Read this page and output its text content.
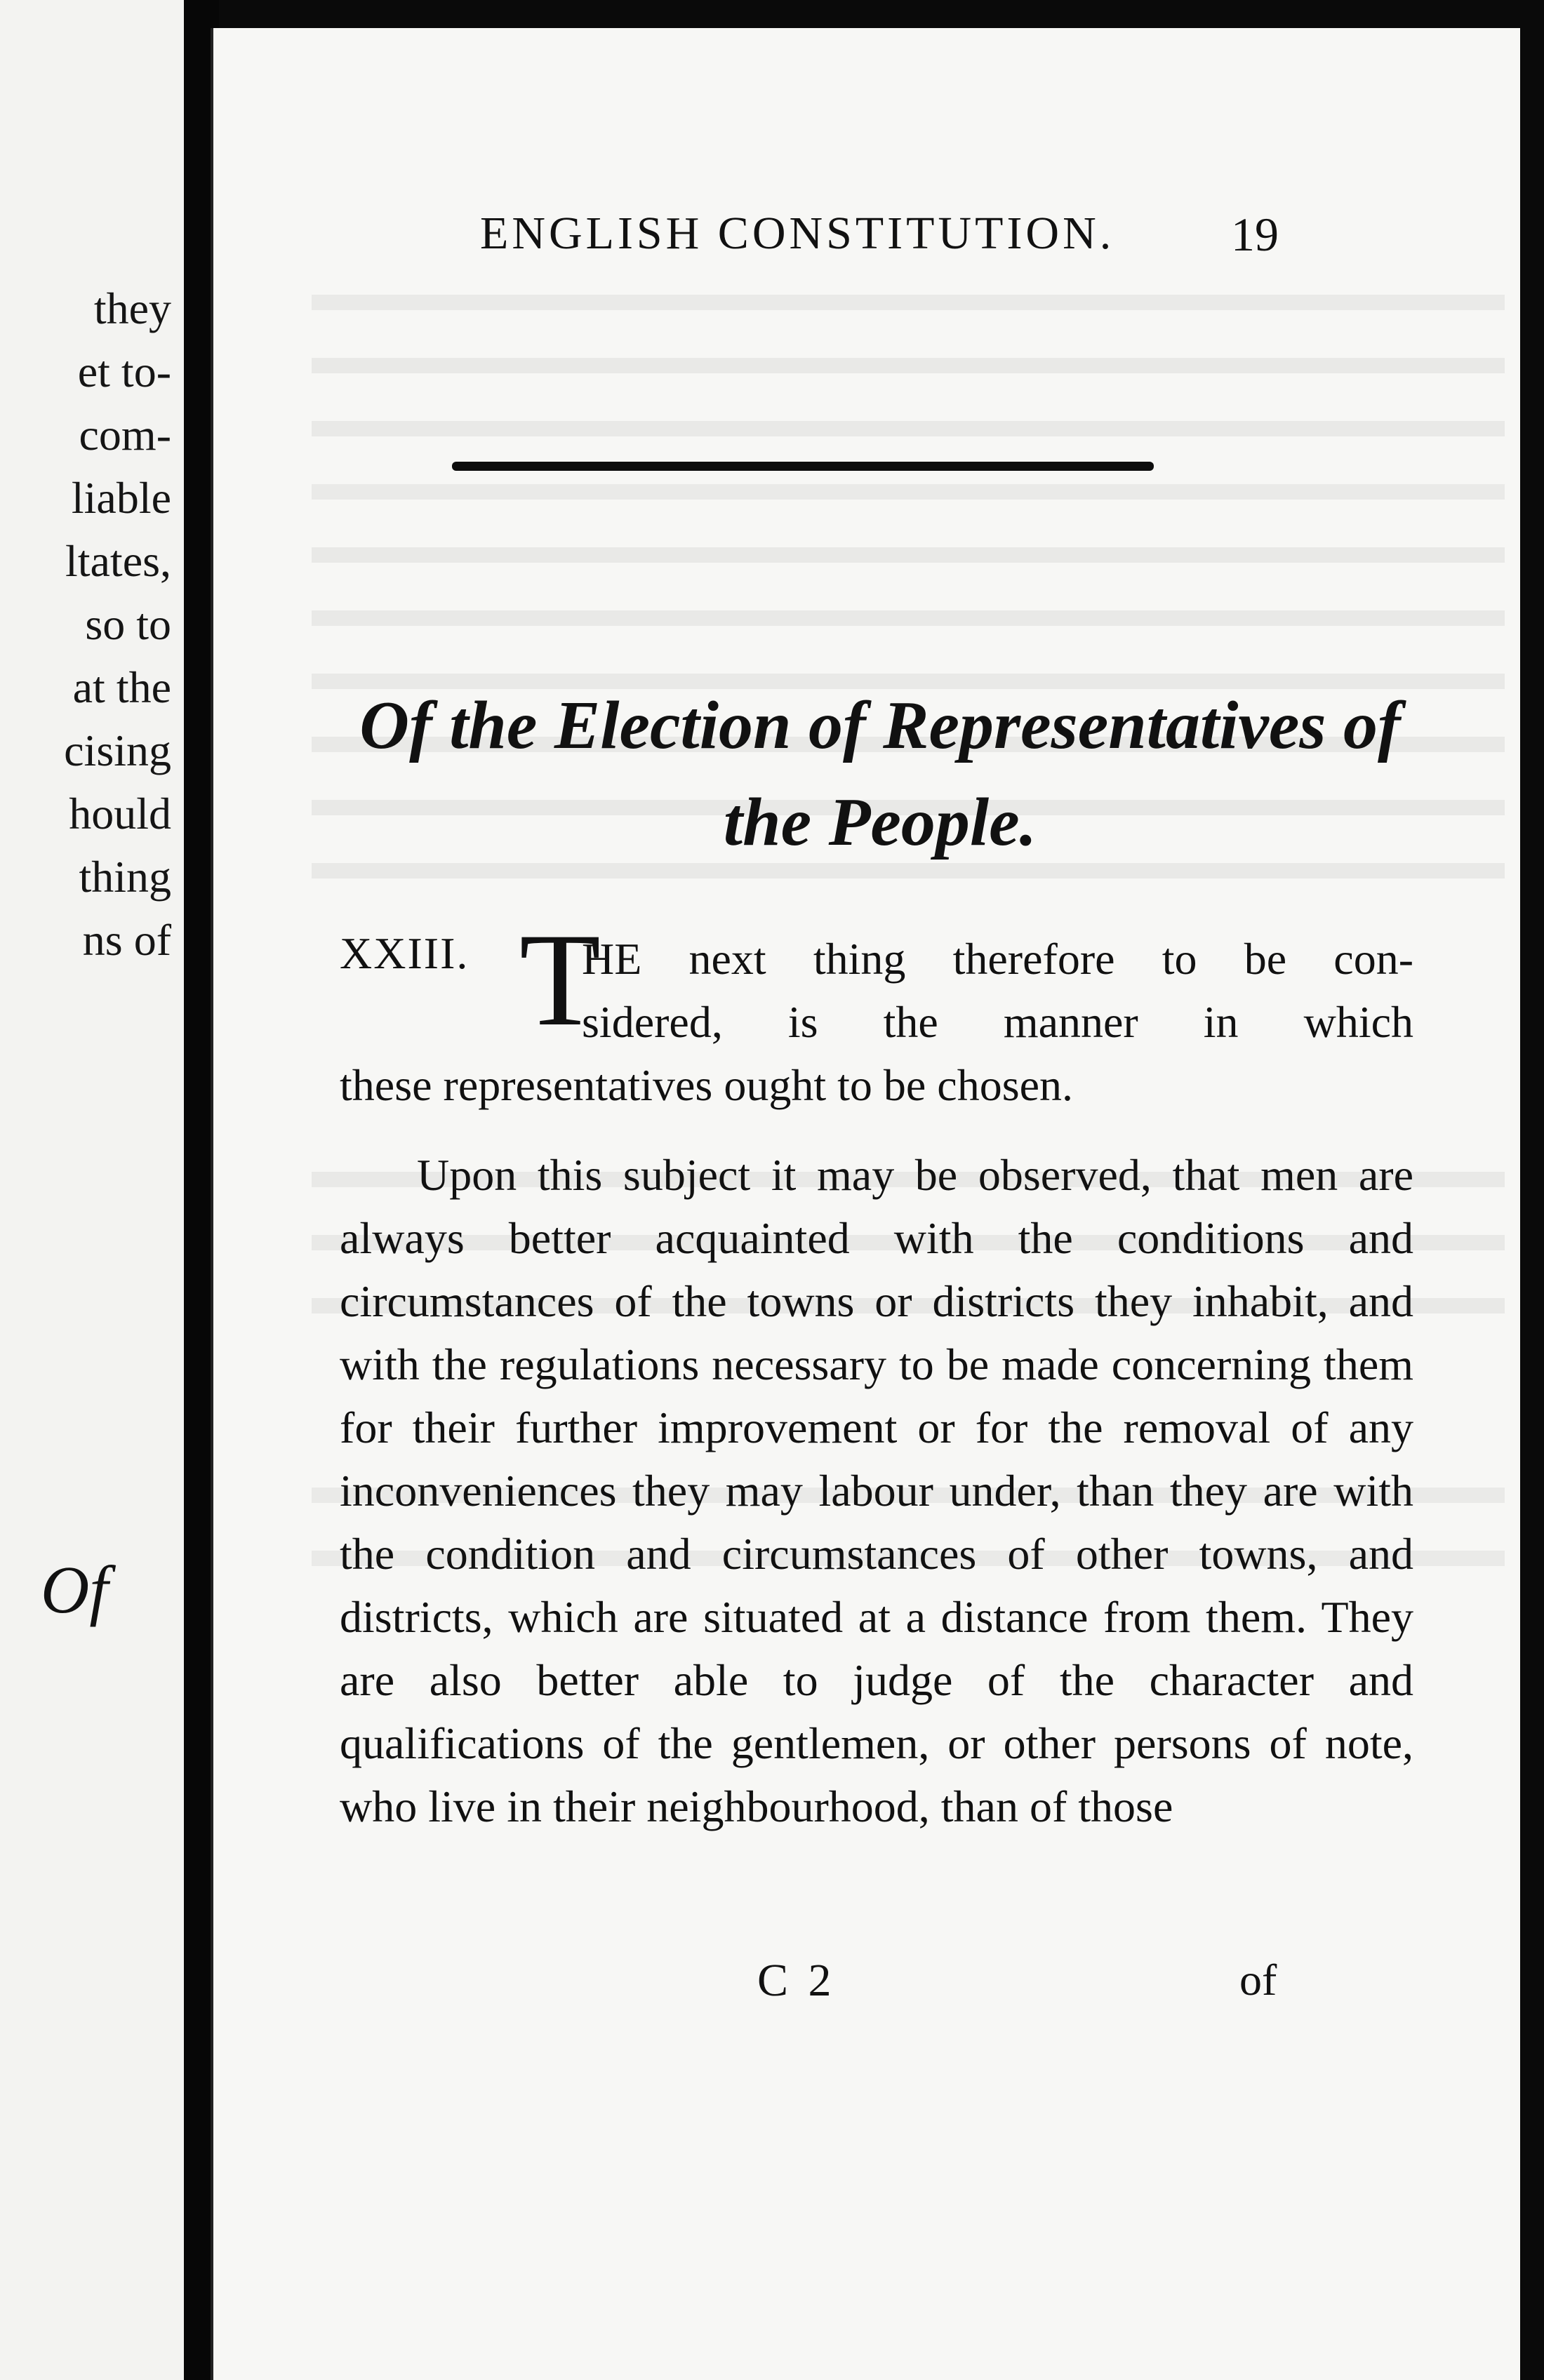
they
et to-
com-
liable
ltates,
so to
at the
cising
hould
thing
ns of
Of
ENGLISH CONSTITUTION. 19
Of the Election of Representatives of the People.
XXIII. T
HE next thing therefore to be con-
sidered, is the manner in which
these representatives ought to be chosen.
Upon this subject it may be observed, that men are always better acquainted with the conditions and circumstances of the towns or districts they inhabit, and with the regulations necessary to be made concerning them for their further improvement or for the removal of any inconveniences they may labour under, than they are with the condition and circumstances of other towns, and districts, which are situated at a distance from them. They are also better able to judge of the character and qualifications of the gentlemen, or other persons of note, who live in their neighbourhood, than of those
C 2	of
